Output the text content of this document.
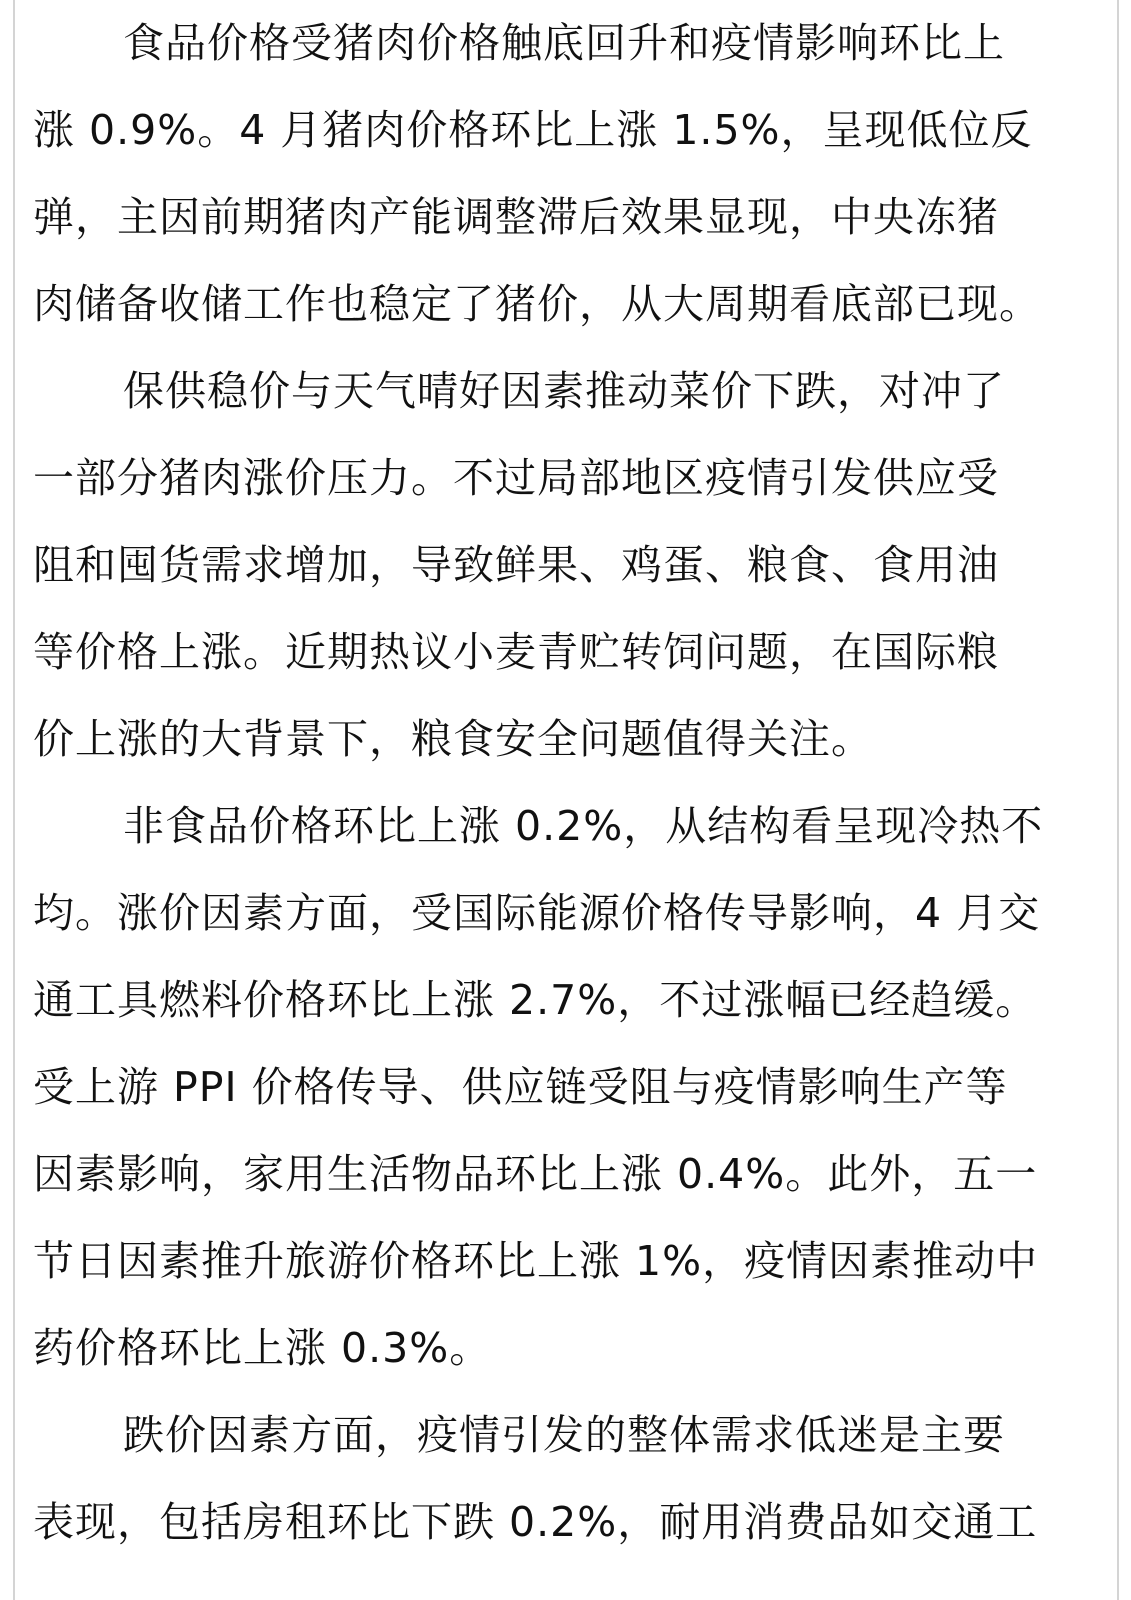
食品价格受猪肉价格触底回升和疫情影响环比上
涨 0.9%。4 月猪肉价格环比上涨 1.5%，呈现低位反
弹，主因前期猪肉产能调整滞后效果显现，中央冻猪
肉储备收储工作也稳定了猪价，从大周期看底部已现。
保供稳价与天气晴好因素推动菜价下跌，对冲了
一部分猪肉涨价压力。不过局部地区疫情引发供应受
阻和囤货需求增加，导致鲜果、鸡蛋、粮食、食用油
等价格上涨。近期热议小麦青贮转饲问题，在国际粮
价上涨的大背景下，粮食安全问题值得关注。
非食品价格环比上涨 0.2%，从结构看呈现冷热不
均。涨价因素方面，受国际能源价格传导影响，4 月交
通工具燃料价格环比上涨 2.7%，不过涨幅已经趋缓。
受上游 PPI 价格传导、供应链受阻与疫情影响生产等
因素影响，家用生活物品环比上涨 0.4%。此外，五一
节日因素推升旅游价格环比上涨 1%，疫情因素推动中
药价格环比上涨 0.3%。
跌价因素方面，疫情引发的整体需求低迷是主要
表现，包括房租环比下跌 0.2%，耐用消费品如交通工
